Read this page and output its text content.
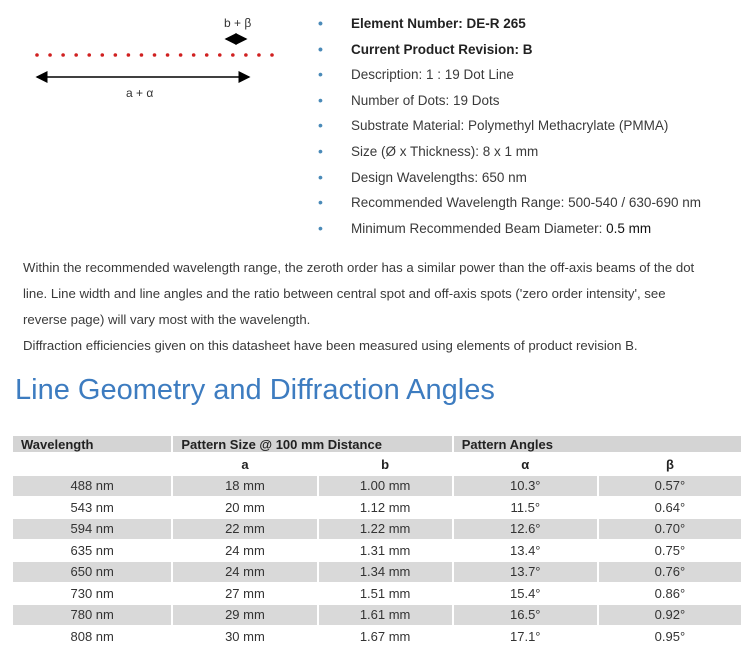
b + β
a + α
• Element Number: DE-R 265
• Current Product Revision: B
• Description: 1 : 19 Dot Line
• Number of Dots: 19 Dots
• Substrate Material: Polymethyl Methacrylate (PMMA)
• Size (Ø x Thickness): 8 x 1 mm
• Design Wavelengths: 650 nm
• Recommended Wavelength Range: 500-540 / 630-690 nm
• Minimum Recommended Beam Diameter: 0.5 mm

Within the recommended wavelength range, the zeroth order has a similar power than the off-axis beams of the dot

line. Line width and line angles and the ratio between central spot and off-axis spots ('zero order intensity', see

reverse page) will vary most with the wavelength.

Diffraction efficiencies given on this datasheet have been measured using elements of product revision B.

Line Geometry and Diffraction Angles
Wavelength	Pattern Size @ 100 mm Distance		Pattern Angles	
	a	b	α	β
488 nm	18 mm	1.00 mm	10.3°	0.57°
543 nm	20 mm	1.12 mm	11.5°	0.64°
594 nm	22 mm	1.22 mm	12.6°	0.70°
635 nm	24 mm	1.31 mm	13.4°	0.75°
650 nm	24 mm	1.34 mm	13.7°	0.76°
730 nm	27 mm	1.51 mm	15.4°	0.86°
780 nm	29 mm	1.61 mm	16.5°	0.92°
808 nm	30 mm	1.67 mm	17.1°	0.95°
